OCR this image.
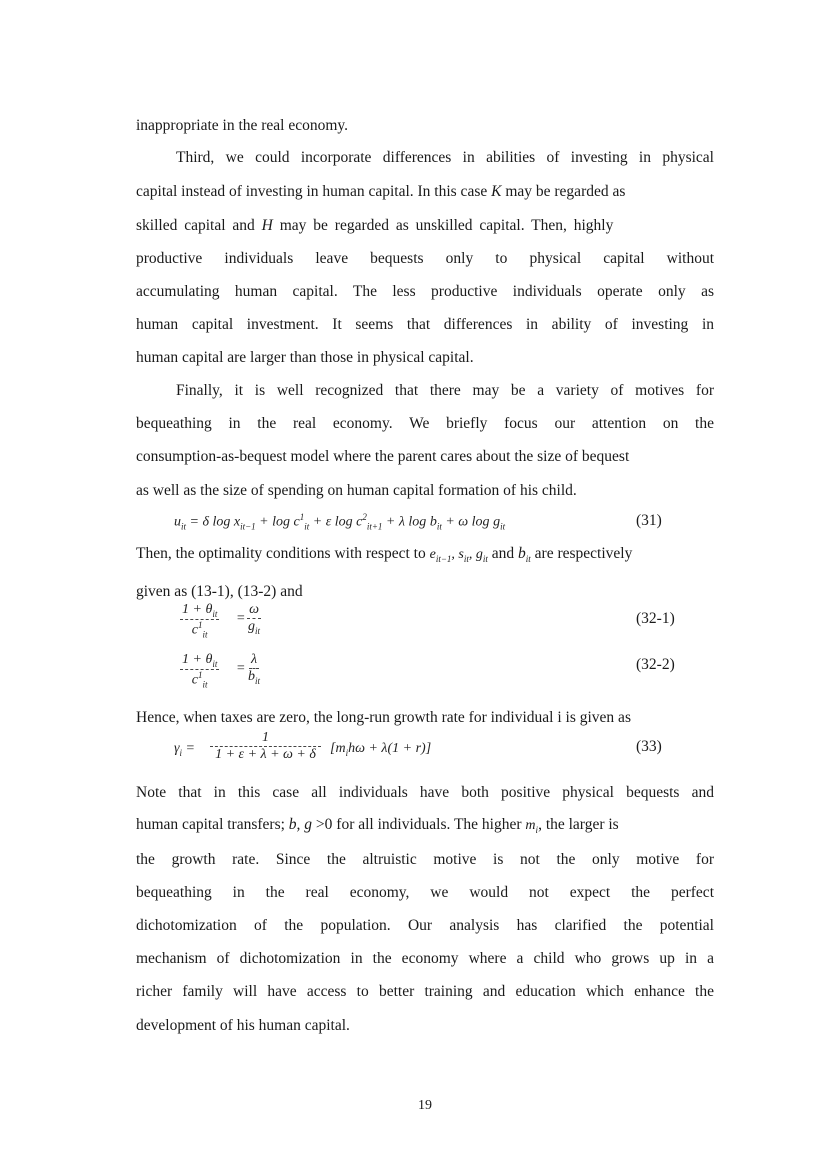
inappropriate in the real economy.
Third, we could incorporate differences in abilities of investing in physical
capital instead of investing in human capital. In this case K may be regarded as
skilled capital and H may be regarded as unskilled capital. Then, highly
productive individuals leave bequests only to physical capital without
accumulating human capital. The less productive individuals operate only as
human capital investment. It seems that differences in ability of investing in
human capital are larger than those in physical capital.
Finally, it is well recognized that there may be a variety of motives for
bequeathing in the real economy. We briefly focus our attention on the
consumption-as-bequest model where the parent cares about the size of bequest
as well as the size of spending on human capital formation of his child.
$u_{it} = \delta$ $\log x_{it-1} + \log c^1_{it} + \varepsilon$ $\log c^2_{it+1} + \lambda$ $\log b_{it} + \omega$ $\log g_{it}$	(31)
Then, the optimality conditions with respect to $e_{it-1}$, $s_{it}$, $g_{it}$ and $b_{it}$ are respectively
given as (13-1), (13-2) and
$1 + \theta_{it}$
$c^1_{it}$
=
ω
$g_{it}$
(32-1)
$1 + \theta_{it}$
$c^1_{it}$
=
λ
$b_{it}$
(32-2)
Hence, when taxes are zero, the long-run growth rate for individual i is given as
$\gamma_i = \frac{1}{1 + \varepsilon + \lambda + \omega + \delta} [m_ih\omega + \lambda(1 + r)]$	(33)
Note that in this case all individuals have both positive physical bequests and
human capital transfers; b, g >0 for all individuals. The higher $m_i$, the larger is
the growth rate. Since the altruistic motive is not the only motive for
bequeathing in the real economy, we would not expect the perfect
dichotomization of the population. Our analysis has clarified the potential
mechanism of dichotomization in the economy where a child who grows up in a
richer family will have access to better training and education which enhance the
development of his human capital.
19
